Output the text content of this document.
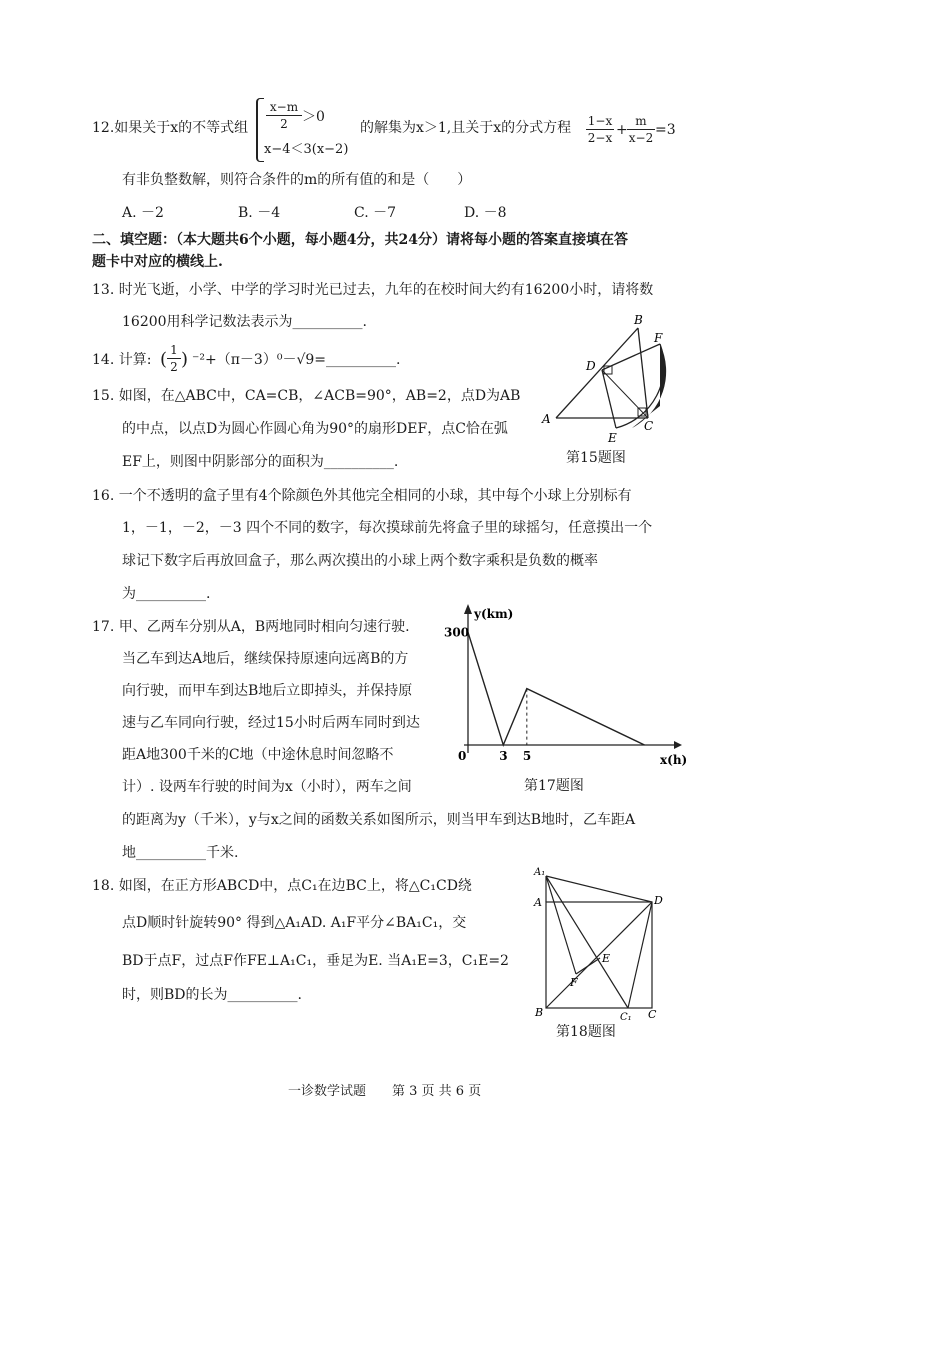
12.如果关于x的不等式组
x−m
2	＞0
x−4＜3(x−2)
的解集为x＞1,且关于x的分式方程 1−x
2−x +
m
x−2 =3
有非负整数解，则符合条件的m的所有值的和是（　　）
A. －2	B. －4	C. －7	D. －8
二、填空题：（本大题共6个小题，每小题4分，共24分）请将每小题的答案直接填在答
题卡中对应的横线上.
13. 时光飞逝，小学、中学的学习时光已过去，九年的在校时间大约有16200小时，请将数
16200用科学记数法表示为__________.
14. 计算: ( 1
2 ) ⁻²+（π－3）⁰－√9=__________.
15. 如图，在△ABC中，CA=CB，∠ACB=90°，AB=2，点D为AB
的中点，以点D为圆心作圆心角为90°的扇形DEF，点C恰在弧
EF上，则图中阴影部分的面积为__________.
A
B
C
D
E
F
第15题图
16. 一个不透明的盒子里有4个除颜色外其他完全相同的小球，其中每个小球上分别标有
1，－1，－2，－3 四个不同的数字，每次摸球前先将盒子里的球摇匀，任意摸出一个
球记下数字后再放回盒子，那么两次摸出的小球上两个数字乘积是负数的概率
为__________.
17. 甲、乙两车分别从A，B两地同时相向匀速行驶.
当乙车到达A地后，继续保持原速向远离B的方
向行驶，而甲车到达B地后立即掉头，并保持原
速与乙车同向行驶，经过15小时后两车同时到达
距A地300千米的C地（中途休息时间忽略不
计）. 设两车行驶的时间为x（小时），两车之间
的距离为y（千米），y与x之间的函数关系如图所示，则当甲车到达B地时，乙车距A
地__________千米.
0	3 5
300
y(km)
x(h)
第17题图
18. 如图，在正方形ABCD中，点C₁在边BC上，将△C₁CD绕
点D顺时针旋转90° 得到△A₁AD. A₁F平分∠BA₁C₁，交
BD于点F，过点F作FE⊥A₁C₁，垂足为E. 当A₁E=3，C₁E=2
时，则BD的长为__________.
A₁
A
B	C
C₁
D
E
F
第18题图
一诊数学试题　　第 3 页 共 6 页
